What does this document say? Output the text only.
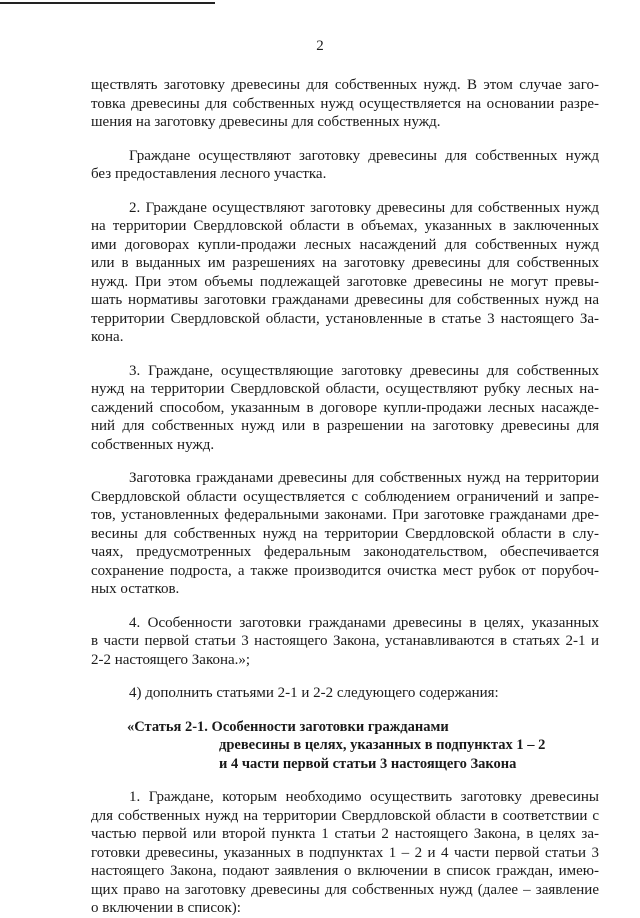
2
ществлять заготовку древесины для собственных нужд. В этом случае заго-
товка древесины для собственных нужд осуществляется на основании разре-
шения на заготовку древесины для собственных нужд.
Граждане осуществляют заготовку древесины для собственных нужд
без предоставления лесного участка.
2. Граждане осуществляют заготовку древесины для собственных нужд
на территории Свердловской области в объемах, указанных в заключенных
ими договорах купли-продажи лесных насаждений для собственных нужд
или в выданных им разрешениях на заготовку древесины для собственных
нужд. При этом объемы подлежащей заготовке древесины не могут превы-
шать нормативы заготовки гражданами древесины для собственных нужд на
территории Свердловской области, установленные в статье 3 настоящего За-
кона.
3. Граждане, осуществляющие заготовку древесины для собственных
нужд на территории Свердловской области, осуществляют рубку лесных на-
саждений способом, указанным в договоре купли-продажи лесных насажде-
ний для собственных нужд или в разрешении на заготовку древесины для
собственных нужд.
Заготовка гражданами древесины для собственных нужд на территории
Свердловской области осуществляется с соблюдением ограничений и запре-
тов, установленных федеральными законами. При заготовке гражданами дре-
весины для собственных нужд на территории Свердловской области в слу-
чаях, предусмотренных федеральным законодательством, обеспечивается
сохранение подроста, а также производится очистка мест рубок от порубоч-
ных остатков.
4. Особенности заготовки гражданами древесины в целях, указанных
в части первой статьи 3 настоящего Закона, устанавливаются в статьях 2-1 и
2-2 настоящего Закона.»;
4) дополнить статьями 2-1 и 2-2 следующего содержания:
«Статья 2-1. Особенности заготовки гражданами
древесины в целях, указанных в подпунктах 1 – 2
и 4 части первой статьи 3 настоящего Закона
1. Граждане, которым необходимо осуществить заготовку древесины
для собственных нужд на территории Свердловской области в соответствии с
частью первой или второй пункта 1 статьи 2 настоящего Закона, в целях за-
готовки древесины, указанных в подпунктах 1 – 2 и 4 части первой статьи 3
настоящего Закона, подают заявления о включении в список граждан, имею-
щих право на заготовку древесины для собственных нужд (далее – заявление
о включении в список):
